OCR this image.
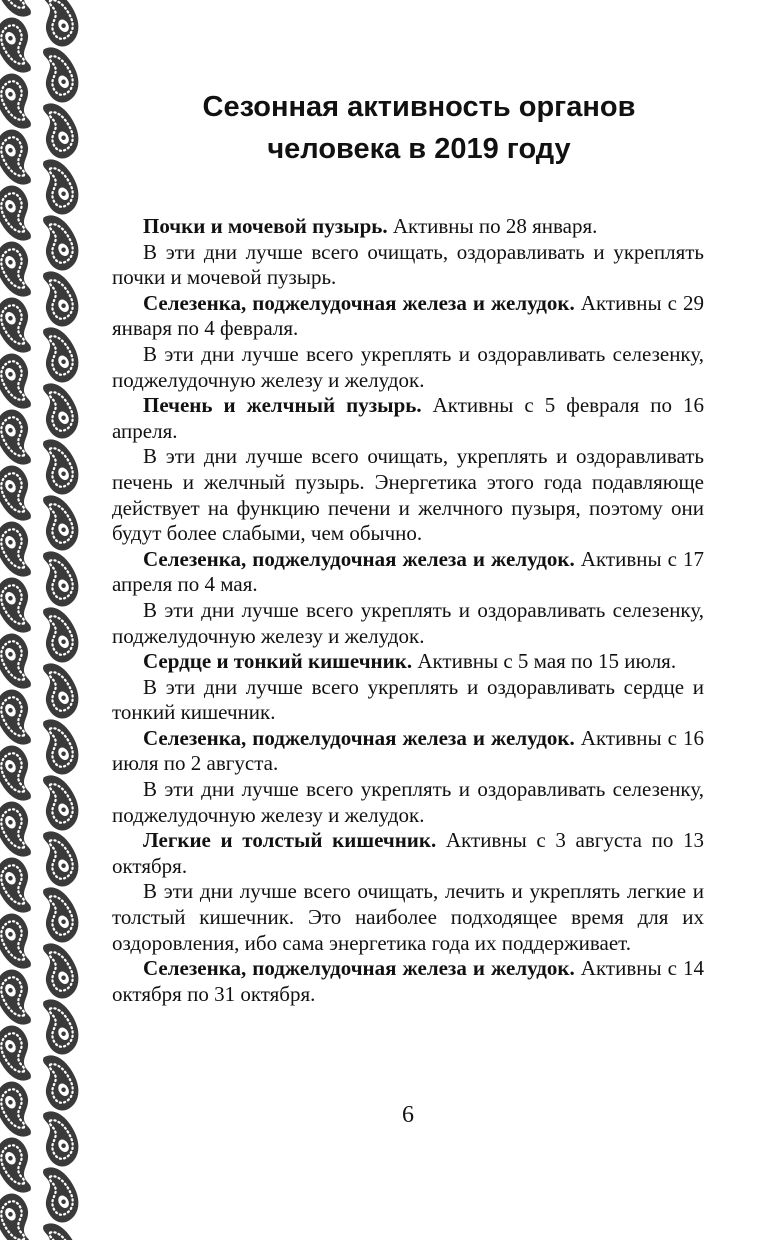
Сезонная активность органов
человека в 2019 году

Почки и мочевой пузырь. Активны по 28 января.

В эти дни лучше всего очищать, оздоравливать и укреплять почки и мочевой пузырь.

Селезенка, поджелудочная железа и желудок. Активны с 29 января по 4 февраля.

В эти дни лучше всего укреплять и оздоравливать селезенку, поджелудочную железу и желудок.

Печень и желчный пузырь. Активны с 5 февраля по 16 апреля.

В эти дни лучше всего очищать, укреплять и оздоравливать печень и желчный пузырь. Энергетика этого года подавляюще действует на функцию печени и желчного пузыря, поэтому они будут более слабыми, чем обычно.

Селезенка, поджелудочная железа и желудок. Активны с 17 апреля по 4 мая.

В эти дни лучше всего укреплять и оздоравливать селезенку, поджелудочную железу и желудок.

Сердце и тонкий кишечник. Активны с 5 мая по 15 июля.

В эти дни лучше всего укреплять и оздоравливать сердце и тонкий кишечник.

Селезенка, поджелудочная железа и желудок. Активны с 16 июля по 2 августа.

В эти дни лучше всего укреплять и оздоравливать селезенку, поджелудочную железу и желудок.

Легкие и толстый кишечник. Активны с 3 августа по 13 октября.

В эти дни лучше всего очищать, лечить и укреплять легкие и толстый кишечник. Это наиболее подходящее время для их оздоровления, ибо сама энергетика года их поддерживает.

Селезенка, поджелудочная железа и желудок. Активны с 14 октября по 31 октября.

6
